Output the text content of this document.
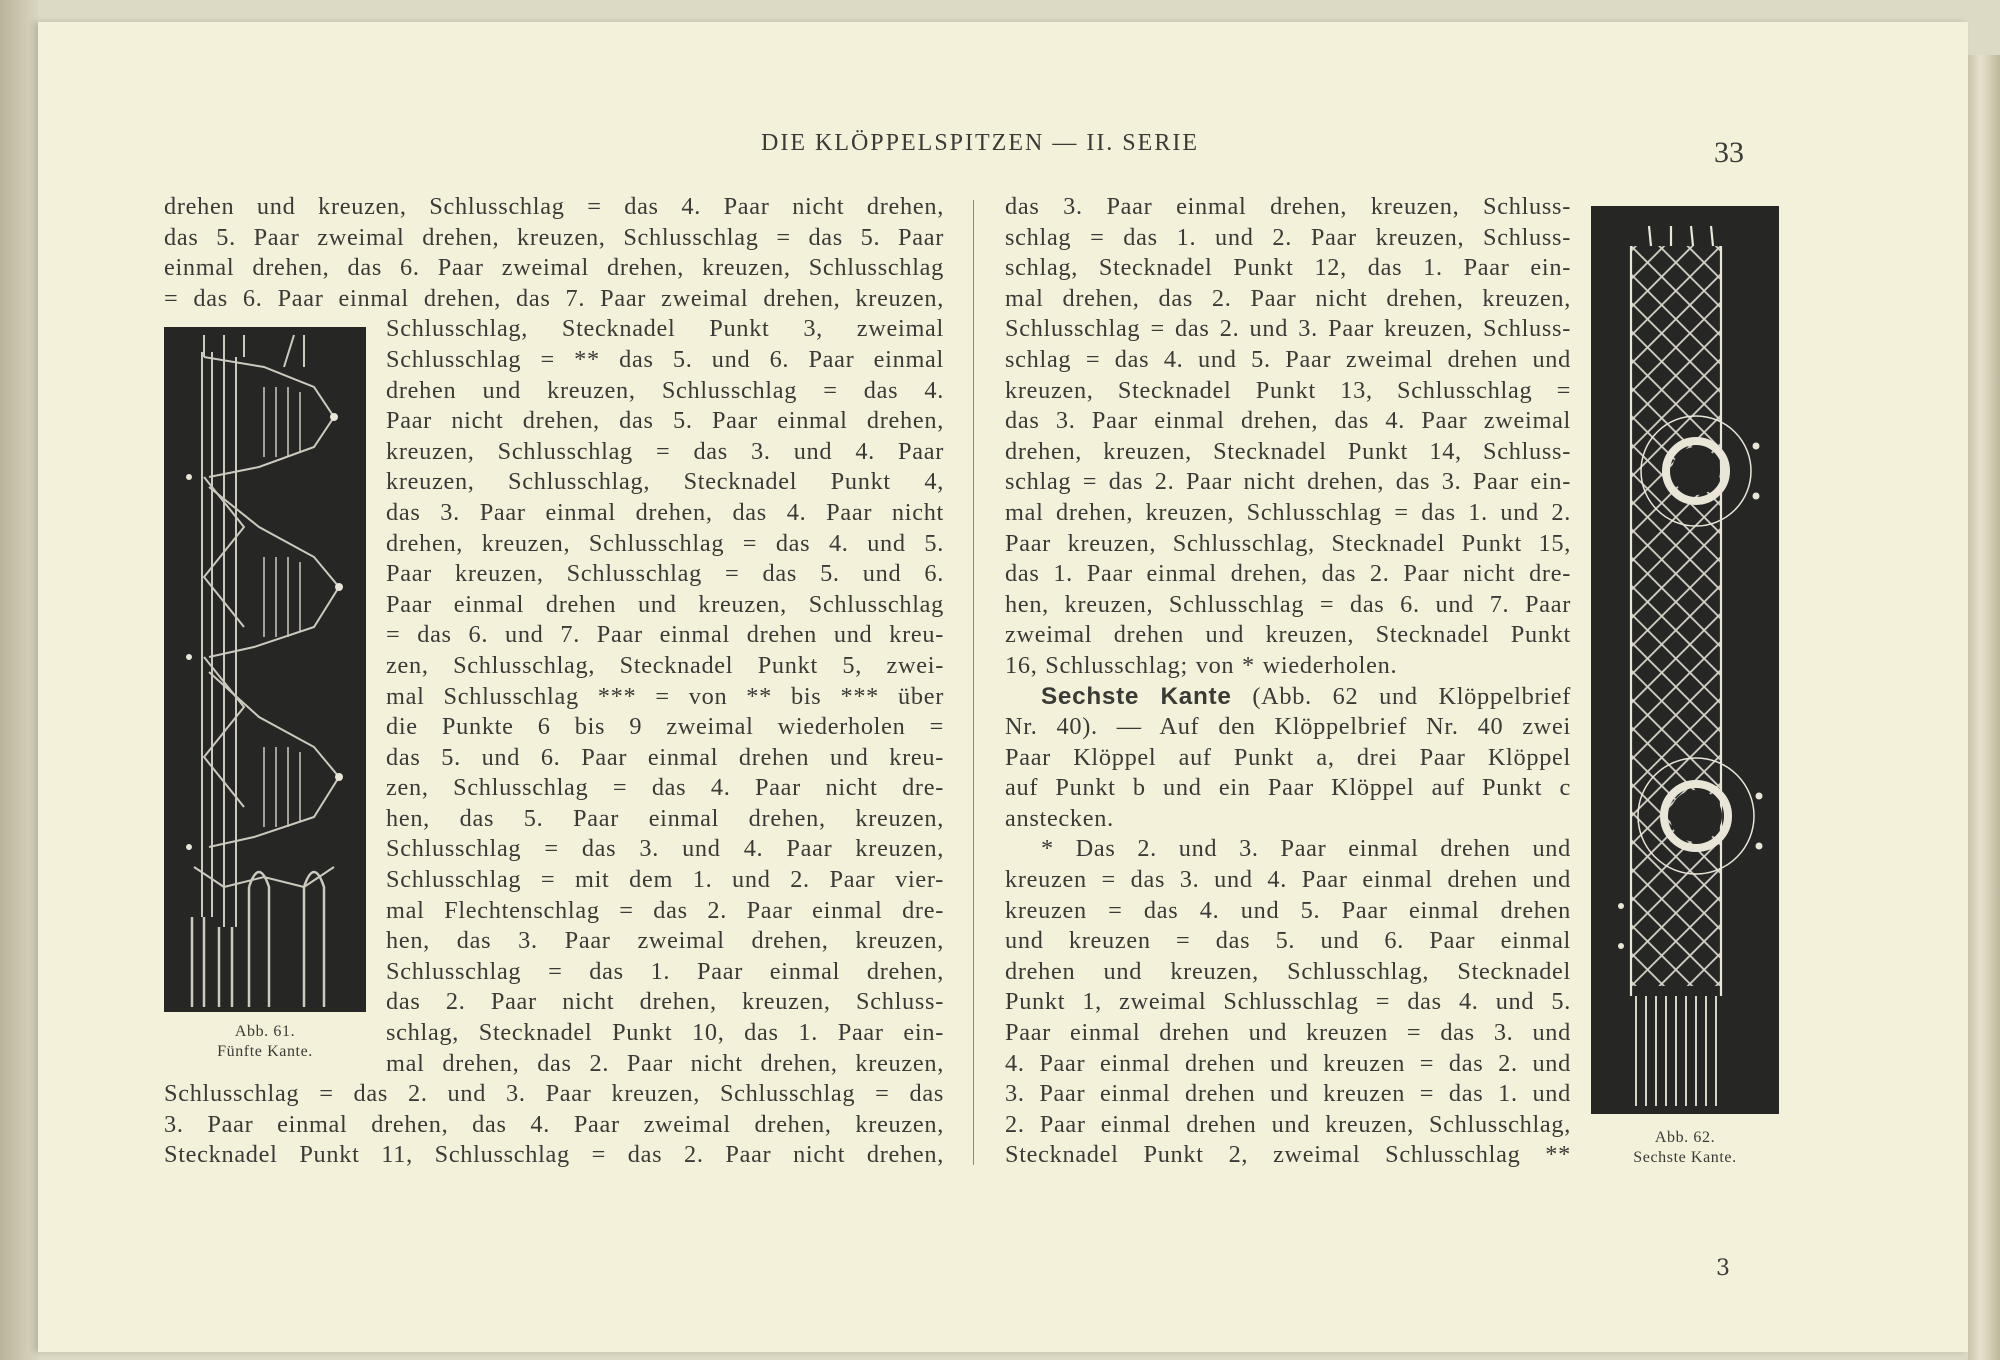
DIE KLÖPPELSPITZEN — II. SERIE	33
3
Abb. 61.
Fünfte Kante.
Abb. 62.
Sechste Kante.
drehen und kreuzen, Schlusschlag = das 4. Paar nicht drehen,
das 5. Paar zweimal drehen, kreuzen, Schlusschlag = das 5. Paar
einmal drehen, das 6. Paar zweimal drehen, kreuzen, Schlusschlag
= das 6. Paar einmal drehen, das 7. Paar zweimal drehen, kreuzen,
Schlusschlag, Stecknadel Punkt 3, zweimal
Schlusschlag = ** das 5. und 6. Paar einmal
drehen und kreuzen, Schlusschlag = das 4.
Paar nicht drehen, das 5. Paar einmal drehen,
kreuzen, Schlusschlag = das 3. und 4. Paar
kreuzen, Schlusschlag, Stecknadel Punkt 4,
das 3. Paar einmal drehen, das 4. Paar nicht
drehen, kreuzen, Schlusschlag = das 4. und 5.
Paar kreuzen, Schlusschlag = das 5. und 6.
Paar einmal drehen und kreuzen, Schlusschlag
= das 6. und 7. Paar einmal drehen und kreu-
zen, Schlusschlag, Stecknadel Punkt 5, zwei-
mal Schlusschlag *** = von ** bis *** über
die Punkte 6 bis 9 zweimal wiederholen =
das 5. und 6. Paar einmal drehen und kreu-
zen, Schlusschlag = das 4. Paar nicht dre-
hen, das 5. Paar einmal drehen, kreuzen,
Schlusschlag = das 3. und 4. Paar kreuzen,
Schlusschlag = mit dem 1. und 2. Paar vier-
mal Flechtenschlag = das 2. Paar einmal dre-
hen, das 3. Paar zweimal drehen, kreuzen,
Schlusschlag = das 1. Paar einmal drehen,
das 2. Paar nicht drehen, kreuzen, Schluss-
schlag, Stecknadel Punkt 10, das 1. Paar ein-
mal drehen, das 2. Paar nicht drehen, kreuzen,
Schlusschlag = das 2. und 3. Paar kreuzen, Schlusschlag = das
3. Paar einmal drehen, das 4. Paar zweimal drehen, kreuzen,
Stecknadel Punkt 11, Schlusschlag = das 2. Paar nicht drehen,
das 3. Paar einmal drehen, kreuzen, Schluss-
schlag = das 1. und 2. Paar kreuzen, Schluss-
schlag, Stecknadel Punkt 12, das 1. Paar ein-
mal drehen, das 2. Paar nicht drehen, kreuzen,
Schlusschlag = das 2. und 3. Paar kreuzen, Schluss-
schlag = das 4. und 5. Paar zweimal drehen und
kreuzen, Stecknadel Punkt 13, Schlusschlag =
das 3. Paar einmal drehen, das 4. Paar zweimal
drehen, kreuzen, Stecknadel Punkt 14, Schluss-
schlag = das 2. Paar nicht drehen, das 3. Paar ein-
mal drehen, kreuzen, Schlusschlag = das 1. und 2.
Paar kreuzen, Schlusschlag, Stecknadel Punkt 15,
das 1. Paar einmal drehen, das 2. Paar nicht dre-
hen, kreuzen, Schlusschlag = das 6. und 7. Paar
zweimal drehen und kreuzen, Stecknadel Punkt
16, Schlusschlag; von * wiederholen.
Sechste Kante (Abb. 62 und Klöppelbrief
Nr. 40). — Auf den Klöppelbrief Nr. 40 zwei
Paar Klöppel auf Punkt a, drei Paar Klöppel
auf Punkt b und ein Paar Klöppel auf Punkt c
anstecken.
* Das 2. und 3. Paar einmal drehen und
kreuzen = das 3. und 4. Paar einmal drehen und
kreuzen = das 4. und 5. Paar einmal drehen
und kreuzen = das 5. und 6. Paar einmal
drehen und kreuzen, Schlusschlag, Stecknadel
Punkt 1, zweimal Schlusschlag = das 4. und 5.
Paar einmal drehen und kreuzen = das 3. und
4. Paar einmal drehen und kreuzen = das 2. und
3. Paar einmal drehen und kreuzen = das 1. und
2. Paar einmal drehen und kreuzen, Schlusschlag,
Stecknadel Punkt 2, zweimal Schlusschlag **
